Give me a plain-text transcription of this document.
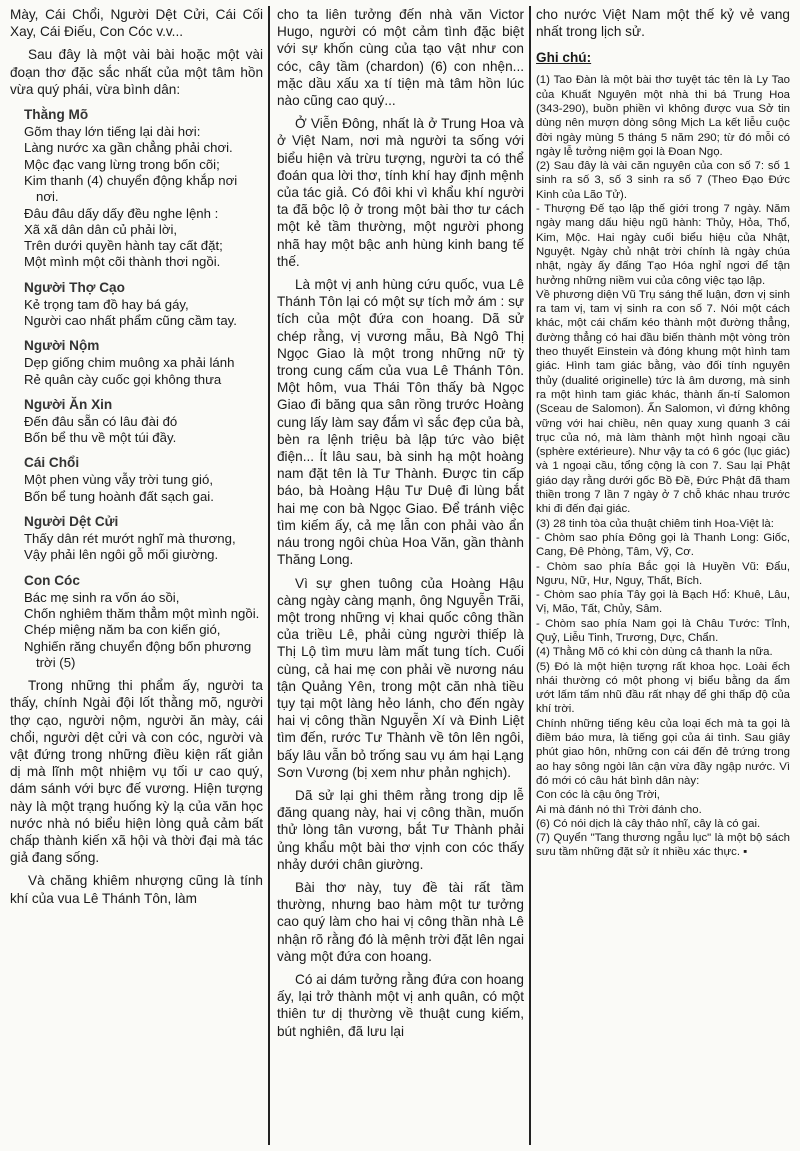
Mày, Cái Chổi, Người Dệt Cửi, Cái Cối Xay, Cái Điếu, Con Cóc v.v...

Sau đây là một vài bài hoặc một vài đoạn thơ đặc sắc nhất của một tâm hồn vừa quý phái, vừa bình dân:

Thằng Mõ
Gõm thay lớn tiếng lại dài hơi:
Làng nước xa gần chẳng phải chơi.
Mộc đạc vang lừng trong bốn cõi;
Kim thanh (4) chuyển động khắp nơi nơi.
Đâu đâu dấy dấy đều nghe lệnh :
Xã xã dân dân củ phải lời,
Trên dưới quyền hành tay cất đặt;
Một mình một cõi thành thơi ngồi.
Người Thợ Cạo
Kẻ trọng tam đồ hay bá gáy,
Người cao nhất phẩm cũng cầm tay.
Người Nộm
Dẹp giống chim muông xa phải lánh
Rẻ quân cày cuốc gọi không thưa
Người Ăn Xin
Đến đâu sẵn có lâu đài đó
Bốn bể thu về một túi đầy.
Cái Chổi
Một phen vùng vẫy trời tung gió,
Bốn bể tung hoành đất sạch gai.
Người Dệt Cửi
Thấy dân rét mướt nghĩ mà thương,
Vậy phải lên ngôi gỗ mối giường.
Con Cóc
Bác mẹ sinh ra vốn áo sồi,
Chốn nghiêm thăm thẳm một mình ngồi.
Chép miệng năm ba con kiến gió,
Nghiến răng chuyển động bốn phương trời (5)

Trong những thi phẩm ấy, người ta thấy, chính Ngài đội lốt thằng mõ, người thợ cạo, người nộm, người ăn mày, cái chổi, người dệt cửi và con cóc, người và vật đứng trong những điều kiện rất giản dị mà lĩnh một nhiệm vụ tối ư cao quý, dám sánh với bực đế vương. Hiện tượng này là một trạng huống kỳ lạ của văn học nước nhà nó biểu hiện lòng quả cảm bất chấp thành kiến xã hội và thời đại mà tác giả đang sống.

Và chăng khiêm nhượng cũng là tính khí của vua Lê Thánh Tôn, làm

cho ta liên tưởng đến nhà văn Victor Hugo, người có một cảm tình đặc biệt với sự khốn cùng của tạo vật như con cóc, cây tầm (chardon) (6) con nhện... mặc dầu xấu xa tí tiện mà tâm hồn lúc nào cũng cao quý...

Ở Viễn Đông, nhất là ở Trung Hoa và ở Việt Nam, nơi mà người ta sống với biểu hiện và trừu tượng, người ta có thể đoán qua lời thơ, tính khí hay định mệnh của tác giả. Có đôi khi vì khẩu khí người ta đã bộc lộ ở trong một bài thơ tư cách một kẻ tầm thường, một người phong nhã hay một bậc anh hùng kinh bang tế thế.

Là một vị anh hùng cứu quốc, vua Lê Thánh Tôn lại có một sự tích mở ám : sự tích của một đứa con hoang. Dã sử chép rằng, vị vương mẫu, Bà Ngô Thị Ngọc Giao là một trong những nữ tỳ trong cung cấm của vua Lê Thánh Tôn. Một hôm, vua Thái Tôn thấy bà Ngọc Giao đi băng qua sân rồng trước Hoàng cung lấy làm say đắm vì sắc đẹp của bà, bèn ra lệnh triệu bà lập tức vào biệt điện... Ít lâu sau, bà sinh hạ một hoàng nam đặt tên là Tư Thành. Được tin cấp báo, bà Hoàng Hậu Tư Duệ đi lùng bắt hai mẹ con bà Ngọc Giao. Để tránh việc tìm kiếm ấy, cả mẹ lẫn con phải vào ẩn náu trong ngôi chùa Hoa Văn, gần thành Thăng Long.

Vì sự ghen tuông của Hoàng Hậu càng ngày càng mạnh, ông Nguyễn Trãi, một trong những vị khai quốc công thần của triều Lê, phải cùng người thiếp là Thị Lộ tìm mưu làm mất tung tích. Cuối cùng, cả hai mẹ con phải về nương náu tận Quảng Yên, trong một căn nhà tiều tụy tại một làng hẻo lánh, cho đến ngày hai vị công thần Nguyễn Xí và Đinh Liệt tìm đến, rước Tư Thành về tôn lên ngôi, bấy lâu vẫn bỏ trống sau vụ ám hại Lạng Sơn Vương (bị xem như phản nghịch).

Dã sử lại ghi thêm rằng trong dịp lễ đăng quang này, hai vị công thần, muốn thử lòng tân vương, bắt Tư Thành phải ủng khẩu một bài thơ vịnh con cóc thấy nhảy dưới chân giường.

Bài thơ này, tuy đề tài rất tầm thường, nhưng bao hàm một tư tưởng cao quý làm cho hai vị công thần nhà Lê nhận rõ rằng đó là mệnh trời đặt lên ngai vàng một đứa con hoang.

Có ai dám tưởng rằng đứa con hoang ấy, lại trở thành một vị anh quân, có một thiên tư dị thường về thuật cung kiếm, bút nghiên, đã lưu lại

cho nước Việt Nam một thế kỷ vẻ vang nhất trong lịch sử.

Ghi chú:
(1) Tao Đàn là một bài thơ tuyệt tác tên là Ly Tao của Khuất Nguyên một nhà thi bá Trung Hoa (343-290), buồn phiền vì không được vua Sở tin dùng nên mượn dòng sông Mịch La kết liễu cuộc đời ngày mùng 5 tháng 5 năm 290; từ đó mỗi có ngày lễ tưởng niệm gọi là Đoan Ngọ.
(2) Sau đây là vài căn nguyên của con số 7: số 1 sinh ra số 3, số 3 sinh ra số 7 (Theo Đạo Đức Kinh của Lão Tử).
- Thượng Đế tạo lập thế giới trong 7 ngày. Năm ngày mang dấu hiệu ngũ hành: Thủy, Hỏa, Thổ, Kim, Mộc. Hai ngày cuối biểu hiệu của Nhật, Nguyệt. Ngày chủ nhật trời chính là ngày chúa nhật, ngày ấy đấng Tạo Hóa nghỉ ngơi để tận hưởng những niềm vui của công việc tạo lập.
Về phương diện Vũ Trụ sáng thế luận, đơn vị sinh ra tam vị, tam vị sinh ra con số 7. Nói một cách khác, một cái chấm kéo thành một đường thẳng, đường thẳng có hai đầu biến thành một vòng tròn theo thuyết Einstein và đóng khung một hình tam giác. Hình tam giác bằng, vào đối tính nguyên thủy (dualité originelle) tức là âm dương, mà sinh ra một hình tam giác khác, thành ấn-tí Salomon (Sceau de Salomon). Ấn Salomon, vì đứng không vững với hai chiều, nên quay xung quanh 3 cái trục của nó, mà làm thành một hình ngoại cầu (sphère extérieure). Như vậy ta có 6 góc (lục giác) và 1 ngoại cầu, tổng cộng là con 7. Sau lại Phật giáo dạy rằng dưới gốc Bồ Đề, Đức Phật đã tham thiền trong 7 lần 7 ngày ở 7 chỗ khác nhau trước khi đi đến đại giác.
(3) 28 tinh tòa của thuật chiêm tinh Hoa-Việt là:
- Chòm sao phía Đông gọi là Thanh Long: Giốc, Cang, Đê Phòng, Tâm, Vỹ, Cơ.
- Chòm sao phía Bắc gọi là Huyền Vũ: Đẩu, Ngưu, Nữ, Hư, Nguy, Thất, Bích.
- Chòm sao phía Tây gọi là Bạch Hổ: Khuê, Lâu, Vị, Mão, Tất, Chủy, Sâm.
- Chòm sao phía Nam gọi là Châu Tước: Tỉnh, Quỷ, Liễu Tinh, Trương, Dực, Chẩn.
(4) Thằng Mõ có khi còn dùng cả thanh la nữa.
(5) Đó là một hiện tượng rất khoa học. Loài ếch nhái thường có một phong vị biểu bằng da ẩm ướt lấm tấm nhũ đầu rất nhạy để ghi thấp độ của khí trời.
Chính những tiếng kêu của loại ếch mà ta gọi là điềm báo mưa, là tiếng gọi của ái tình. Sau giây phút giao hôn, những con cái đến đẻ trứng trong ao hay sông ngòi lân cận vừa đầy ngập nước. Vì đó mới có câu hát bình dân này:
Con cóc là cậu ông Trời,
Ai mà đánh nó thì Trời đánh cho.
(6) Có nói dịch là cây thảo nhĩ, cây là có gai.
(7) Quyển "Tang thương ngẫu lục" là một bộ sách sưu tầm những đặt sử ít nhiều xác thực. ▪
